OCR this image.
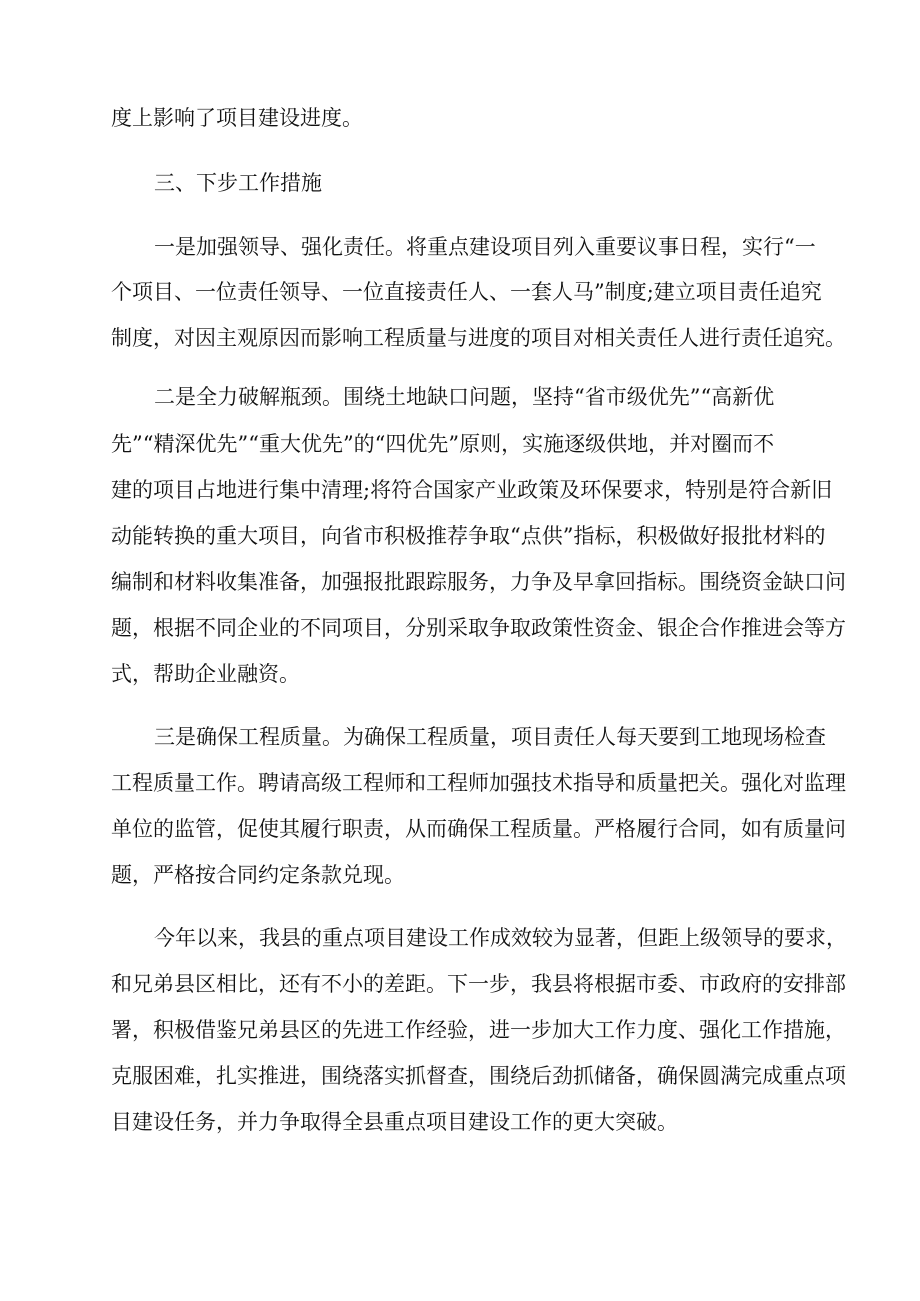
度上影响了项目建设进度。
三、下步工作措施
一是加强领导、强化责任。将重点建设项目列入重要议事日程，实行“一
个项目、一位责任领导、一位直接责任人、一套人马”制度;建立项目责任追究
制度，对因主观原因而影响工程质量与进度的项目对相关责任人进行责任追究。
二是全力破解瓶颈。围绕土地缺口问题，坚持“省市级优先”“高新优
先”“精深优先”“重大优先”的“四优先”原则，实施逐级供地，并对圈而不
建的项目占地进行集中清理;将符合国家产业政策及环保要求，特别是符合新旧
动能转换的重大项目，向省市积极推荐争取“点供”指标，积极做好报批材料的
编制和材料收集准备，加强报批跟踪服务，力争及早拿回指标。围绕资金缺口问
题，根据不同企业的不同项目，分别采取争取政策性资金、银企合作推进会等方
式，帮助企业融资。
三是确保工程质量。为确保工程质量，项目责任人每天要到工地现场检查
工程质量工作。聘请高级工程师和工程师加强技术指导和质量把关。强化对监理
单位的监管，促使其履行职责，从而确保工程质量。严格履行合同，如有质量问
题，严格按合同约定条款兑现。
今年以来，我县的重点项目建设工作成效较为显著，但距上级领导的要求，
和兄弟县区相比，还有不小的差距。下一步，我县将根据市委、市政府的安排部
署，积极借鉴兄弟县区的先进工作经验，进一步加大工作力度、强化工作措施，
克服困难，扎实推进，围绕落实抓督查，围绕后劲抓储备，确保圆满完成重点项
目建设任务，并力争取得全县重点项目建设工作的更大突破。
